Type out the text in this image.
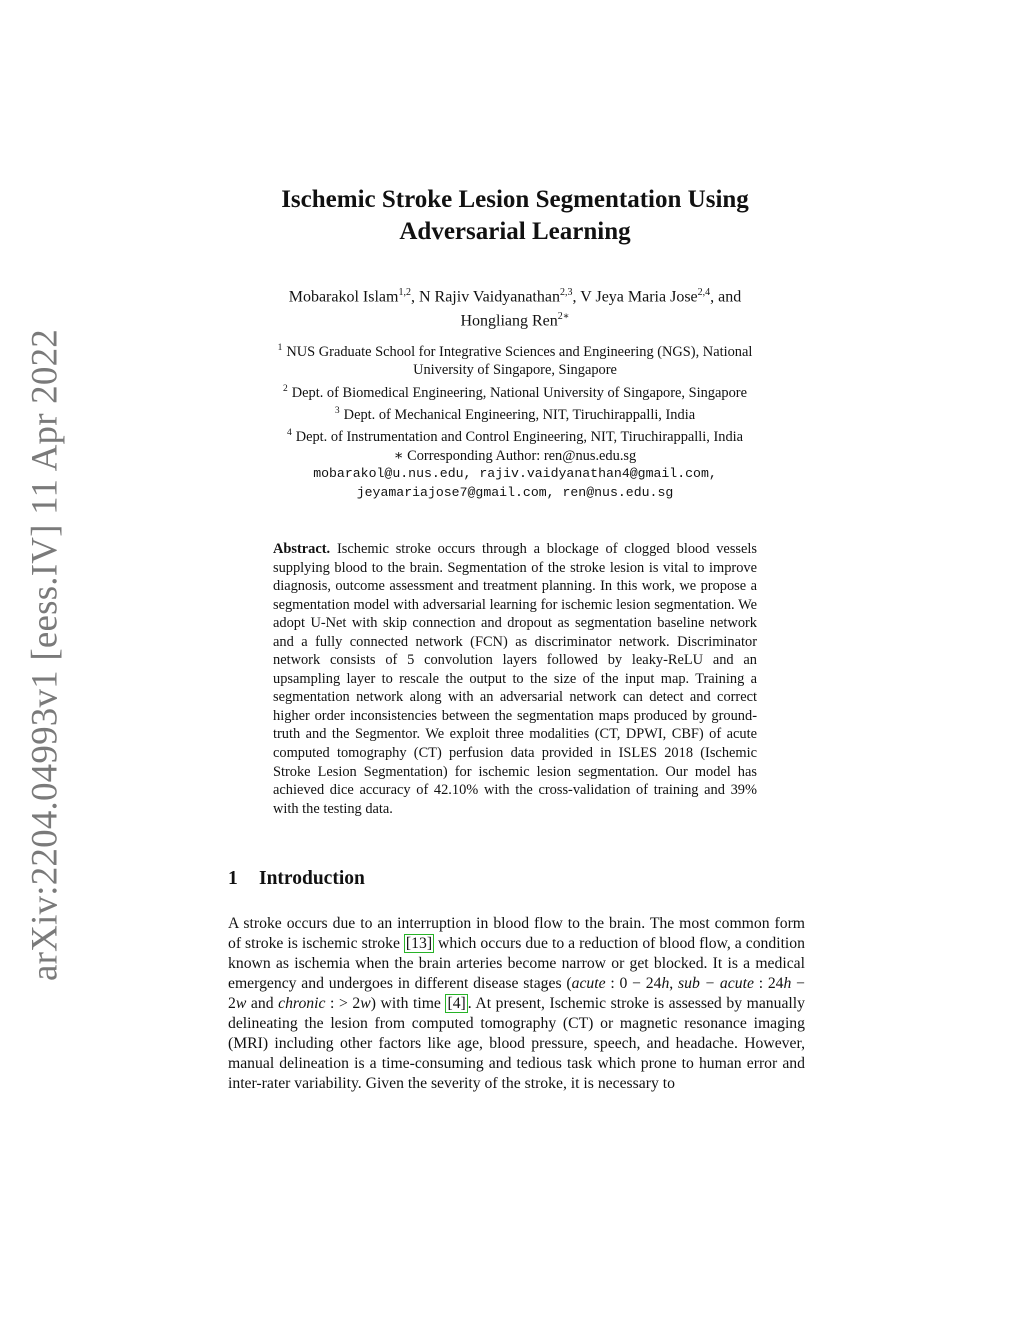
arXiv:2204.04993v1 [eess.IV] 11 Apr 2022
Ischemic Stroke Lesion Segmentation Using
Adversarial Learning
Mobarakol Islam$^{1,2}$, N Rajiv Vaidyanathan$^{2,3}$, V Jeya Maria Jose$^{2,4}$, and
Hongliang Ren$^{2∗}$
$^1$ NUS Graduate School for Integrative Sciences and Engineering (NGS), National
University of Singapore, Singapore
$^2$ Dept. of Biomedical Engineering, National University of Singapore, Singapore
$^3$ Dept. of Mechanical Engineering, NIT, Tiruchirappalli, India
$^4$ Dept. of Instrumentation and Control Engineering, NIT, Tiruchirappalli, India
∗ Corresponding Author: ren@nus.edu.sg
mobarakol@u.nus.edu, rajiv.vaidyanathan4@gmail.com,
jeyamariajose7@gmail.com, ren@nus.edu.sg
Abstract. Ischemic stroke occurs through a blockage of clogged blood vessels supplying blood to the brain. Segmentation of the stroke lesion is vital to improve diagnosis, outcome assessment and treatment planning. In this work, we propose a segmentation model with adversarial learning for ischemic lesion segmentation. We adopt U-Net with skip connection and dropout as segmentation baseline network and a fully connected network (FCN) as discriminator network. Discriminator network consists of 5 convolution layers followed by leaky-ReLU and an upsampling layer to rescale the output to the size of the input map. Training a segmentation network along with an adversarial network can detect and correct higher order inconsistencies between the segmentation maps produced by ground-truth and the Segmentor. We exploit three modalities (CT, DPWI, CBF) of acute computed tomography (CT) perfusion data provided in ISLES 2018 (Ischemic Stroke Lesion Segmentation) for ischemic lesion segmentation. Our model has achieved dice accuracy of 42.10% with the cross-validation of training and 39% with the testing data.
1 Introduction
A stroke occurs due to an interruption in blood flow to the brain. The most common form of stroke is ischemic stroke [13] which occurs due to a reduction of blood flow, a condition known as ischemia when the brain arteries become narrow or get blocked. It is a medical emergency and undergoes in different disease stages (acute : 0 − 24h, sub − acute : 24h − 2w and chronic : > 2w) with time [4] . At present, Ischemic stroke is assessed by manually delineating the lesion from computed tomography (CT) or magnetic resonance imaging (MRI) including other factors like age, blood pressure, speech, and headache. However, manual delineation is a time-consuming and tedious task which prone to human error and inter-rater variability. Given the severity of the stroke, it is necessary to
